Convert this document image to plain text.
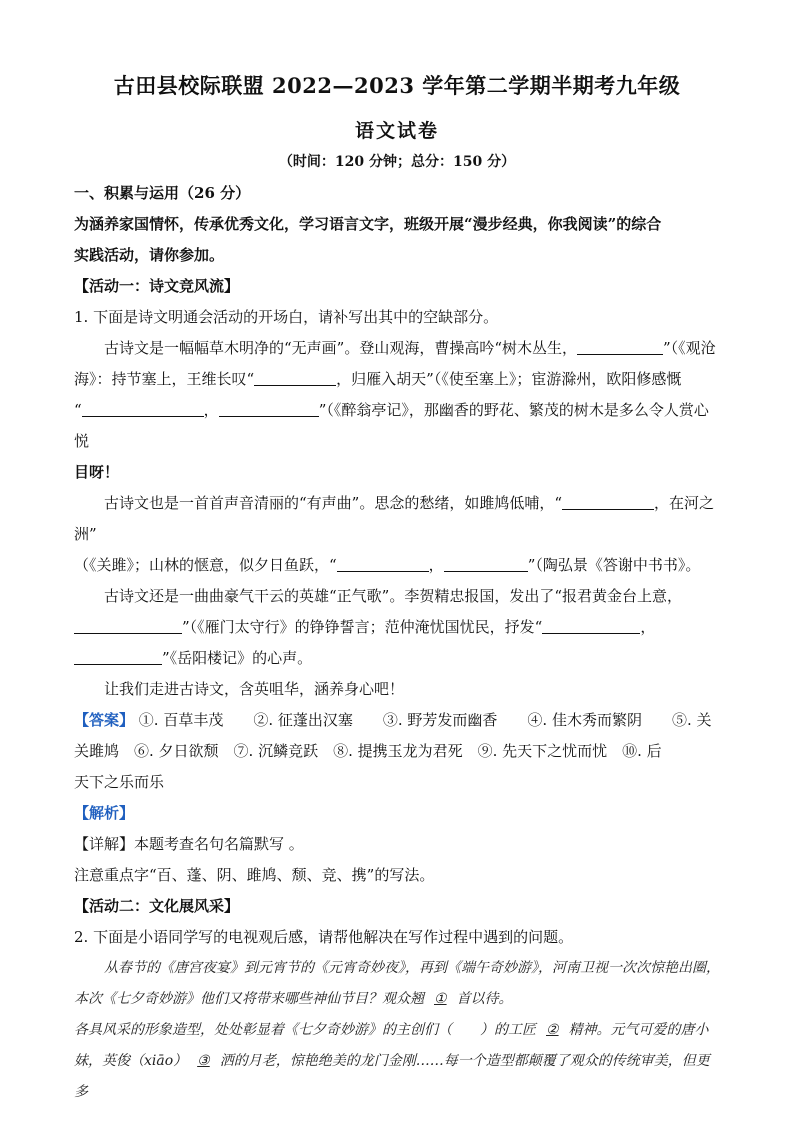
古田县校际联盟 2022—2023 学年第二学期半期考九年级
语文试卷
（时间：120 分钟；总分：150 分）

一、积累与运用（26 分）

为涵养家国情怀，传承优秀文化，学习语言文字，班级开展“漫步经典，你我阅读”的综合

实践活动，请你参加。

【活动一：诗文竞风流】

1. 下面是诗文明通会活动的开场白，请补写出其中的空缺部分。

古诗文是一幅幅草木明净的“无声画”。登山观海，曹操高吟“树木丛生，	”（《观沧

海》：持节塞上，王维长叹“	，归雁入胡天”（《使至塞上》；宦游滁州，欧阳修感慨

“	，	”（《醉翁亭记》，那幽香的野花、繁茂的树木是多么令人赏心悦

目呀！

古诗文也是一首首声音清丽的“有声曲”。思念的愁绪，如雎鸠低哺，“	，在河之洲”

（《关雎》；山林的惬意，似夕日鱼跃，“	，	”（陶弘景《答谢中书书》。

古诗文还是一曲曲豪气干云的英雄“正气歌”。李贺精忠报国，发出了“报君黄金台上意，

”（《雁门太守行》的铮铮誓言；范仲淹忧国忧民，抒发“	，

”《岳阳楼记》的心声。

让我们走进古诗文，含英咀华，涵养身心吧！

【答案】 ①. 百草丰茂　　②. 征蓬出汉塞　　③. 野芳发而幽香　　④. 佳木秀而繁阴　　⑤. 关

关雎鸠　⑥. 夕日欲颓　⑦. 沉鳞竞跃　⑧. 提携玉龙为君死　⑨. 先天下之忧而忧　⑩. 后

天下之乐而乐

【解析】

【详解】本题考查名句名篇默写 。

注意重点字“百、蓬、阴、雎鸠、颓、竞、携”的写法。

【活动二：文化展风采】

2. 下面是小语同学写的电视观后感，请帮他解决在写作过程中遇到的问题。

从春节的《唐宫夜宴》到元宵节的《元宵奇妙夜》，再到《端午奇妙游》，河南卫视一次次惊艳出圈，

本次《七夕奇妙游》他们又将带来哪些神仙节目？观众翘 ① 首以待。

各具风采的形象造型，处处彰显着《七夕奇妙游》的主创们（　　）的工匠 ② 精神。元气可爱的唐小

妹，英俊（xiāo） ③ 洒的月老，惊艳绝美的龙门金刚……每一个造型都颠覆了观众的传统审美，但更多
